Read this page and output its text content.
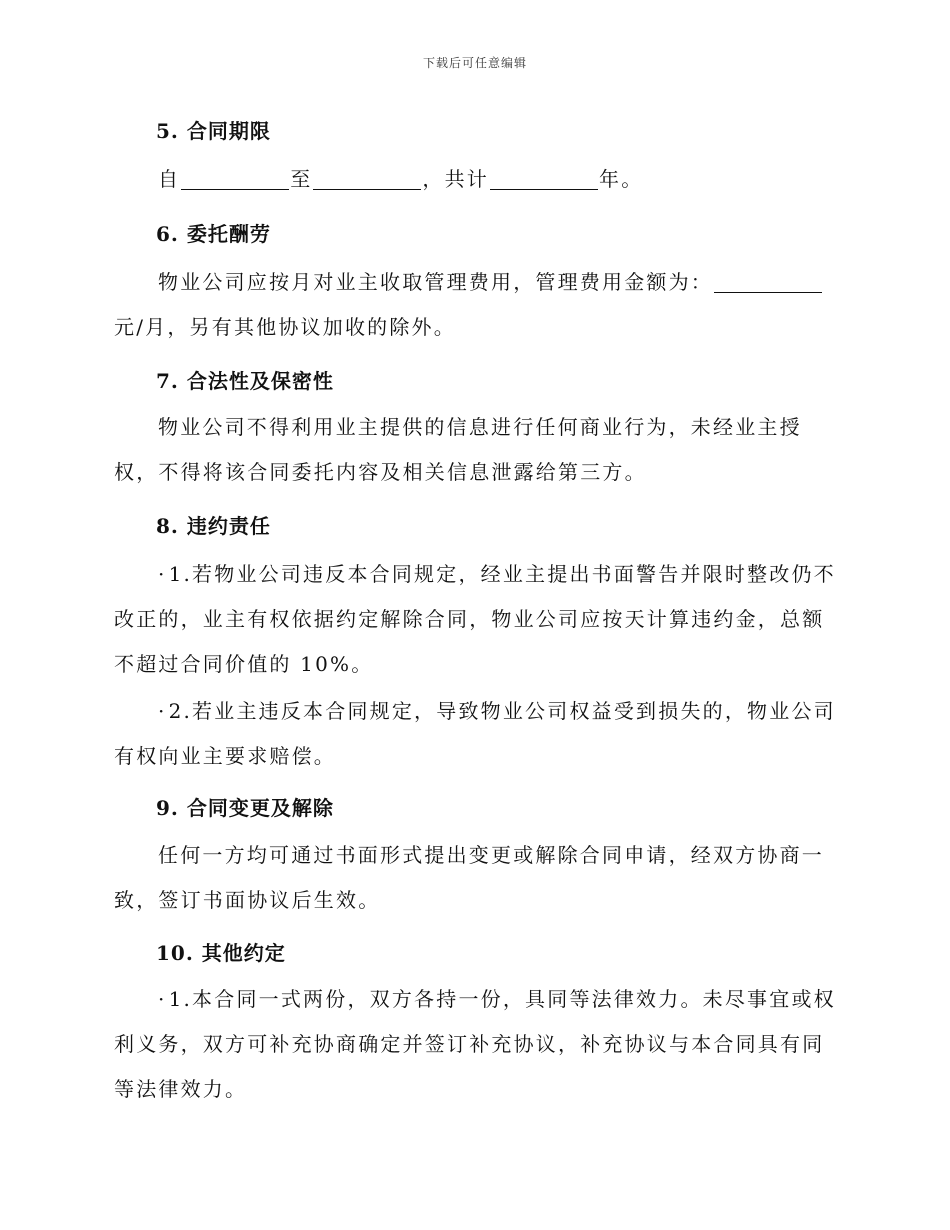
下载后可任意编辑
5. 合同期限
自	至	，共计	年。
6. 委托酬劳
物业公司应按月对业主收取管理费用，管理费用金额为：元/月，另有其他协议加收的除外。
7. 合法性及保密性
物业公司不得利用业主提供的信息进行任何商业行为，未经业主授权，不得将该合同委托内容及相关信息泄露给第三方。
8. 违约责任
· 1.若物业公司违反本合同规定，经业主提出书面警告并限时整改仍不改正的，业主有权依据约定解除合同，物业公司应按天计算违约金，总额不超过合同价值的 10%。
· 2.若业主违反本合同规定，导致物业公司权益受到损失的，物业公司有权向业主要求赔偿。
9. 合同变更及解除
任何一方均可通过书面形式提出变更或解除合同申请，经双方协商一致，签订书面协议后生效。
10. 其他约定
· 1.本合同一式两份，双方各持一份，具同等法律效力。未尽事宜或权利义务，双方可补充协商确定并签订补充协议，补充协议与本合同具有同等法律效力。
